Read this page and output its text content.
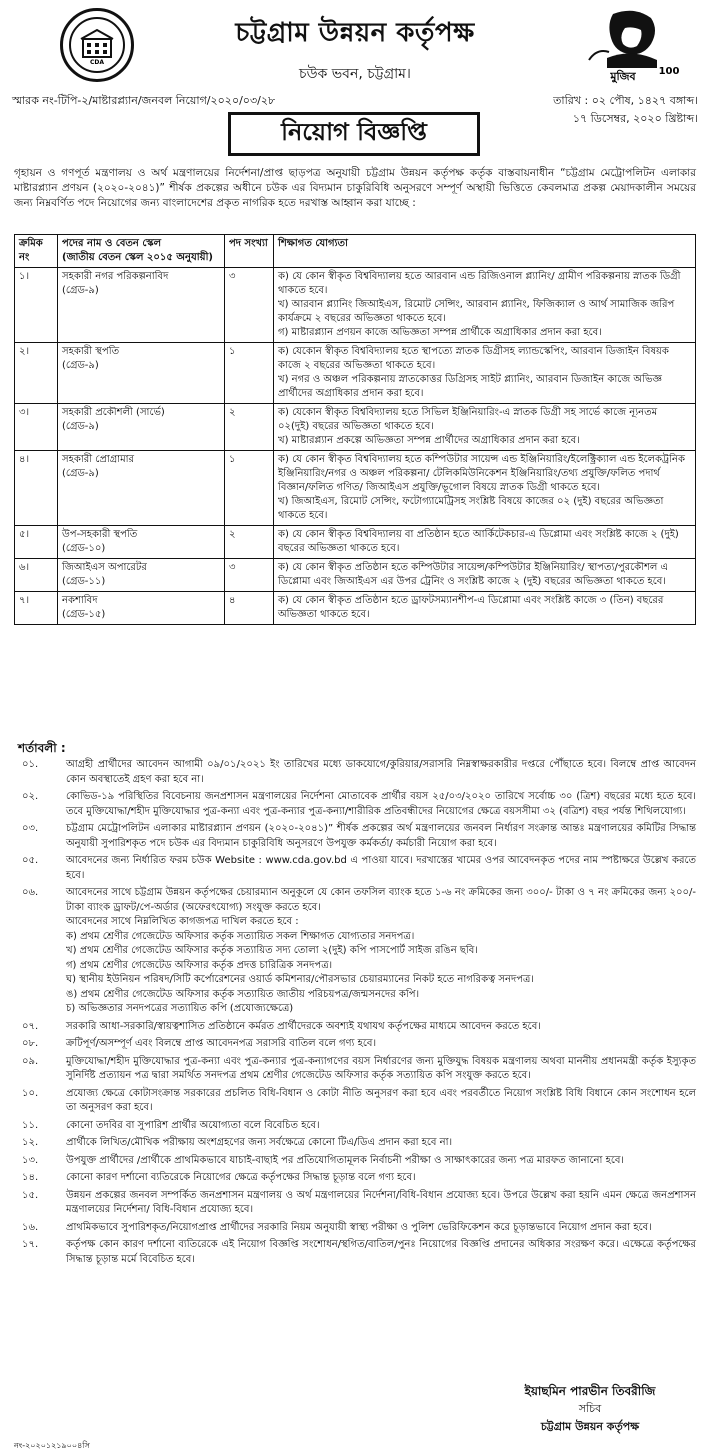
CDA
মুজিব 100
চট্টগ্রাম উন্নয়ন কর্তৃপক্ষ
চউক ভবন, চট্টগ্রাম।
স্মারক নং-টিপি-২/মাষ্টারপ্ল্যান/জনবল নিয়োগ/২০২০/০৩/২৮	তারিখ : ০২ পৌষ, ১৪২৭ বঙ্গাব্দ।
১৭ ডিসেম্বর, ২০২০ খ্রিষ্টাব্দ।
নিয়োগ বিজ্ঞপ্তি
গৃহায়ন ও গণপূর্ত মন্ত্রণালয় ও অর্থ মন্ত্রণালয়ের নির্দেশনা/প্রাপ্ত ছাড়পত্র অনুযায়ী চট্টগ্রাম উন্নয়ন কর্তৃপক্ষ কর্তৃক বাস্তবায়নাধীন “চট্টগ্রাম মেট্রোপলিটন এলাকার মাষ্টারপ্ল্যান প্রণয়ন (২০২০-২০৪১)” শীর্ষক প্রকল্পের অধীনে চউক এর বিদ্যমান চাকুরিবিধি অনুসরণে সম্পূর্ণ অস্থায়ী ভিত্তিতে কেবলমাত্র প্রকল্প মেয়াদকালীন সময়ের জন্য নিম্নবর্ণিত পদে নিয়োগের জন্য বাংলাদেশের প্রকৃত নাগরিক হতে দরখাস্ত আহ্বান করা যাচ্ছে :
ক্রমিক নং	পদের নাম ও বেতন স্কেল
(জাতীয় বেতন স্কেল ২০১৫ অনুযায়ী)	পদ সংখ্যা	শিক্ষাগত যোগ্যতা
১।	সহকারী নগর পরিকল্পনাবিদ
(গ্রেড-৯)	৩	ক) যে কোন স্বীকৃত বিশ্ববিদ্যালয় হতে আরবান এন্ড রিজিওনাল প্ল্যানিং/ গ্রামীণ পরিকল্পনায় স্নাতক ডিগ্রী থাকতে হবে।
খ) আরবান প্ল্যানিং জিআইএস, রিমোট সেন্সিং, আরবান প্ল্যানিং, ফিজিক্যাল ও আর্থ সামাজিক জরিপ কার্যক্রমে ২ বছরের অভিজ্ঞতা থাকতে হবে।
গ) মাষ্টারপ্ল্যান প্রণয়ন কাজে অভিজ্ঞতা সম্পন্ন প্রার্থীকে অগ্রাধিকার প্রদান করা হবে।

২।	সহকারী স্থপতি
(গ্রেড-৯)	১	ক) যেকোন স্বীকৃত বিশ্ববিদ্যালয় হতে স্থাপত্যে স্নাতক ডিগ্রীসহ ল্যান্ডস্কেপিং, আরবান ডিজাইন বিষয়ক কাজে ২ বছরের অভিজ্ঞতা থাকতে হবে।
খ) নগর ও অঞ্চল পরিকল্পনায় স্নাতকোত্তর ডিগ্রিসহ সাইট প্ল্যানিং, আরবান ডিজাইন কাজে অভিজ্ঞ প্রার্থীদের অগ্রাধিকার প্রদান করা হবে।

৩।	সহকারী প্রকৌশলী (সার্ভে)
(গ্রেড-৯)	২	ক) যেকোন স্বীকৃত বিশ্ববিদ্যালয় হতে সিভিল ইঞ্জিনিয়ারিং-এ স্নাতক ডিগ্রী সহ সার্ভে কাজে ন্যূনতম ০২(দুই) বছরের অভিজ্ঞতা থাকতে হবে।
খ) মাষ্টারপ্ল্যান প্রকল্পে অভিজ্ঞতা সম্পন্ন প্রার্থীদের অগ্রাধিকার প্রদান করা হবে।

৪।	সহকারী প্রোগ্রামার
(গ্রেড-৯)	১	ক) যে কোন স্বীকৃত বিশ্ববিদ্যালয় হতে কম্পিউটার সায়েন্স এন্ড ইঞ্জিনিয়ারিং/ইলেক্ট্রিক্যাল এন্ড ইলেকট্রনিক ইঞ্জিনিয়ারিং/নগর ও অঞ্চল পরিকল্পনা/ টেলিকমিউনিকেশন ইঞ্জিনিয়ারিং/তথ্য প্রযুক্তি/ফলিত পদার্থ বিজ্ঞান/ফলিত গণিত/ জিআইএস প্রযুক্তি/ভূগোল বিষয়ে স্নাতক ডিগ্রী থাকতে হবে।
খ) জিআইএস, রিমোট সেন্সিং, ফটোগ্যামেট্রিসহ সংশ্লিষ্ট বিষয়ে কাজের ০২ (দুই) বছরের অভিজ্ঞতা থাকতে হবে।

৫।	উপ-সহকারী স্থপতি
(গ্রেড-১০)	২	ক) যে কোন স্বীকৃত বিশ্ববিদ্যালয় বা প্রতিষ্ঠান হতে আর্কিটেকচার-এ ডিপ্লোমা এবং সংশ্লিষ্ট কাজে ২ (দুই) বছরের অভিজ্ঞতা থাকতে হবে।

৬।	জিআইএস অপারেটর
(গ্রেড-১১)	৩	ক) যে কোন স্বীকৃত প্রতিষ্ঠান হতে কম্পিউটার সায়েন্স/কম্পিউটার ইঞ্জিনিয়ারিং/ স্থাপত্য/পুরকৌশল এ ডিপ্লোমা এবং জিআইএস এর উপর ট্রেনিং ও সংশ্লিষ্ট কাজে ২ (দুই) বছরের অভিজ্ঞতা থাকতে হবে।

৭।	নকশাবিদ
(গ্রেড-১৫)	৪	ক) যে কোন স্বীকৃত প্রতিষ্ঠান হতে ড্রাফটসম্যানশীপ-এ ডিপ্লোমা এবং সংশ্লিষ্ট কাজে ৩ (তিন) বছরের অভিজ্ঞতা থাকতে হবে।
শর্তাবলী :
০১.	আগ্রহী প্রার্থীদের আবেদন আগামী ০৯/০১/২০২১ ইং তারিখের মধ্যে ডাকযোগে/কুরিয়ার/সরাসরি নিম্নস্বাক্ষরকারীর দপ্তরে পৌঁছাতে হবে। বিলম্বে প্রাপ্ত আবেদন কোন অবস্থাতেই গ্রহণ করা হবে না।
০২.	কোভিড-১৯ পরিস্থিতির বিবেচনায় জনপ্রশাসন মন্ত্রণালয়ের নির্দেশনা মোতাবেক প্রার্থীর বয়স ২৫/০৩/২০২০ তারিখে সর্বোচ্চ ৩০ (ত্রিশ) বছরের মধ্যে হতে হবে। তবে মুক্তিযোদ্ধা/শহীদ মুক্তিযোদ্ধার পুত্র-কন্যা এবং পুত্র-কন্যার পুত্র-কন্যা/শারীরিক প্রতিবন্ধীদের নিয়োগের ক্ষেত্রে বয়সসীমা ৩২ (বত্রিশ) বছর পর্যন্ত শিথিলযোগ্য।
০৩.	চট্টগ্রাম মেট্রোপলিটন এলাকার মাষ্টারপ্ল্যান প্রণয়ন (২০২০-২০৪১)” শীর্ষক প্রকল্পের অর্থ মন্ত্রণালয়ের জনবল নির্ধারণ সংক্রান্ত আন্তঃ মন্ত্রণালয়ের কমিটির সিদ্ধান্ত অনুযায়ী সুপারিশকৃত পদে চউক এর বিদ্যমান চাকুরিবিধি অনুসরণে উপযুক্ত কর্মকর্তা/ কর্মচারী নিয়োগ করা হবে।
০৫.	আবেদনের জন্য নির্ধারিত ফরম চউক Website : www.cda.gov.bd এ পাওয়া যাবে। দরখাস্তের খামের ওপর আবেদনকৃত পদের নাম স্পষ্টাক্ষরে উল্লেখ করতে হবে।
০৬.	আবেদনের সাথে চট্টগ্রাম উন্নয়ন কর্তৃপক্ষের চেয়ারম্যান অনুকূলে যে কোন তফসিল ব্যাংক হতে ১-৬ নং ক্রমিকের জন্য ৩০০/- টাকা ও ৭ নং ক্রমিকের জন্য ২০০/- টাকা ব্যাংক ড্রাফট/পে-অর্ডার (অফেরৎযোগ্য) সংযুক্ত করতে হবে।
আবেদনের সাথে নিম্নলিখিত কাগজপত্র দাখিল করতে হবে :
ক) প্রথম শ্রেণীর গেজেটেড অফিসার কর্তৃক সত্যায়িত সকল শিক্ষাগত যোগ্যতার সনদপত্র।
খ) প্রথম শ্রেণীর গেজেটেড অফিসার কর্তৃক সত্যায়িত সদ্য তোলা ২(দুই) কপি পাসপোর্ট সাইজ রঙিন ছবি।
গ) প্রথম শ্রেণীর গেজেটেড অফিসার কর্তৃক প্রদত্ত চারিত্রিক সনদপত্র।
ঘ) স্থানীয় ইউনিয়ন পরিষদ/সিটি কর্পোরেশনের ওয়ার্ড কমিশনার/পৌরসভার চেয়ারম্যানের নিকট হতে নাগরিকত্ব সনদপত্র।
ঙ) প্রথম শ্রেণীর গেজেটেড অফিসার কর্তৃক সত্যায়িত জাতীয় পরিচয়পত্র/জন্মসনদের কপি।
চ) অভিজ্ঞতার সনদপত্রের সত্যায়িত কপি (প্রযোজ্যক্ষেত্রে)
০৭.	সরকারি আধা-সরকারি/স্বায়ত্বশাসিত প্রতিষ্ঠানে কর্মরত প্রার্থীদেরকে অবশ্যই যথাযথ কর্তৃপক্ষের মাধ্যমে আবেদন করতে হবে।
০৮.	ক্রটিপূর্ণ/অসম্পূর্ণ এবং বিলম্বে প্রাপ্ত আবেদনপত্র সরাসরি বাতিল বলে গণ্য হবে।
০৯.	মুক্তিযোদ্ধা/শহীদ মুক্তিযোদ্ধার পুত্র-কন্যা এবং পুত্র-কন্যার পুত্র-কন্যাগণের বয়স নির্ধারণের জন্য মুক্তিযুদ্ধ বিষয়ক মন্ত্রণালয় অথবা মাননীয় প্রধানমন্ত্রী কর্তৃক ইস্যুকৃত সুনির্দিষ্ট প্রত্যায়ন পত্র দ্বারা সমর্থিত সনদপত্র প্রথম শ্রেণীর গেজেটেড অফিসার কর্তৃক সত্যায়িত কপি সংযুক্ত করতে হবে।
১০.	প্রযোজ্য ক্ষেত্রে কোটাসংক্রান্ত সরকারের প্রচলিত বিধি-বিধান ও কোটা নীতি অনুসরণ করা হবে এবং পরবর্তীতে নিয়োগ সংশ্লিষ্ট বিধি বিধানে কোন সংশোধন হলে তা অনুসরণ করা হবে।
১১.	কোনো তদবির বা সুপারিশ প্রার্থীর অযোগ্যতা বলে বিবেচিত হবে।
১২.	প্রার্থীকে লিখিত/মৌখিক পরীক্ষায় অংশগ্রহণের জন্য সর্বক্ষেত্রে কোনো টিএ/ডিএ প্রদান করা হবে না।
১৩.	উপযুক্ত প্রার্থীদের /প্রার্থীকে প্রাথমিকভাবে যাচাই-বাছাই পর প্রতিযোগিতামূলক নির্বাচনী পরীক্ষা ও সাক্ষাৎকারের জন্য পত্র মারফত জানানো হবে।
১৪.	কোনো কারণ দর্শানো ব্যতিরেকে নিয়োগের ক্ষেত্রে কর্তৃপক্ষের সিদ্ধান্ত চূড়ান্ত বলে গণ্য হবে।
১৫.	উন্নয়ন প্রকল্পের জনবল সম্পর্কিত জনপ্রশাসন মন্ত্রণালয় ও অর্থ মন্ত্রণালয়ের নির্দেশনা/বিধি-বিধান প্রযোজ্য হবে। উপরে উল্লেখ করা হয়নি এমন ক্ষেত্রে জনপ্রশাসন মন্ত্রণালয়ের নির্দেশনা/ বিধি-বিধান প্রযোজ্য হবে।
১৬.	প্রাথমিকভাবে সুপারিশকৃত/নিয়োগপ্রাপ্ত প্রার্থীদের সরকারি নিয়ম অনুযায়ী স্বাস্থ্য পরীক্ষা ও পুলিশ ভেরিফিকেশন করে চূড়ান্তভাবে নিয়োগ প্রদান করা হবে।
১৭.	কর্তৃপক্ষ কোন কারণ দর্শানো ব্যতিরেকে এই নিয়োগ বিজ্ঞপ্তি সংশোধন/স্থগিত/বাতিল/পুনঃ নিয়োগের বিজ্ঞপ্তি প্রদানের অধিকার সংরক্ষণ করে। এক্ষেত্রে কর্তৃপক্ষের সিদ্ধান্ত চূড়ান্ত মর্মে বিবেচিত হবে।
ইয়াছমিন পারভীন তিবরীজি
সচিব
চট্টগ্রাম উন্নয়ন কর্তৃপক্ষ
নং-২০২০১২১৯০০৪সি
